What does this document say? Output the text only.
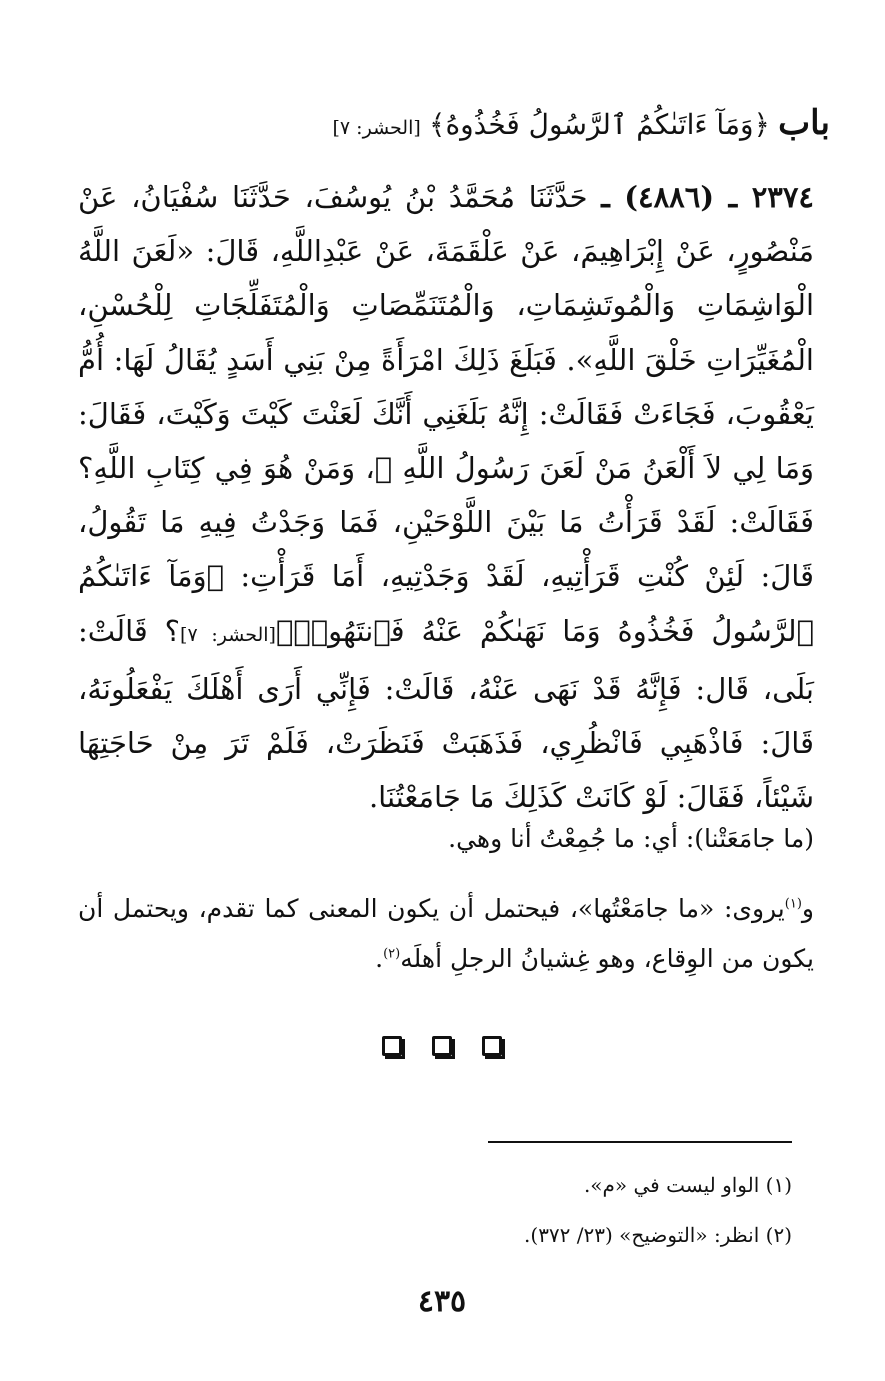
باب ﴿وَمَآ ءَاتَىٰكُمُ ٱلرَّسُولُ فَخُذُوهُ﴾ [الحشر: ٧]
٢٣٧٤ ـ (٤٨٨٦) ـ حَدَّثَنَا مُحَمَّدُ بْنُ يُوسُفَ، حَدَّثَنَا سُفْيَانُ، عَنْ مَنْصُورٍ، عَنْ إِبْرَاهِيمَ، عَنْ عَلْقَمَةَ، عَنْ عَبْدِاللَّهِ، قَالَ: «لَعَنَ اللَّهُ الْوَاشِمَاتِ وَالْمُوتَشِمَاتِ، وَالْمُتَنَمِّصَاتِ وَالْمُتَفَلِّجَاتِ لِلْحُسْنِ، الْمُغَيِّرَاتِ خَلْقَ اللَّهِ». فَبَلَغَ ذَلِكَ امْرَأَةً مِنْ بَنِي أَسَدٍ يُقَالُ لَهَا: أُمُّ يَعْقُوبَ، فَجَاءَتْ فَقَالَتْ: إِنَّهُ بَلَغَنِي أَنَّكَ لَعَنْتَ كَيْتَ وَكَيْتَ، فَقَالَ: وَمَا لِي لاَ أَلْعَنُ مَنْ لَعَنَ رَسُولُ اللَّهِ ﷺ، وَمَنْ هُوَ فِي كِتَابِ اللَّهِ؟ فَقَالَتْ: لَقَدْ قَرَأْتُ مَا بَيْنَ اللَّوْحَيْنِ، فَمَا وَجَدْتُ فِيهِ مَا تَقُولُ، قَالَ: لَئِنْ كُنْتِ قَرَأْتِيهِ، لَقَدْ وَجَدْتِيهِ، أَمَا قَرَأْتِ: ﴿وَمَآ ءَاتَىٰكُمُ ٱلرَّسُولُ فَخُذُوهُ وَمَا نَهَىٰكُمْ عَنْهُ فَٱنتَهُوا۟﴾[الحشر: ٧]؟ قَالَتْ: بَلَى، قَال: فَإِنَّهُ قَدْ نَهَى عَنْهُ، قَالَتْ: فَإِنِّي أَرَى أَهْلَكَ يَفْعَلُونَهُ، قَالَ: فَاذْهَبِي فَانْظُرِي، فَذَهَبَتْ فَنَظَرَتْ، فَلَمْ تَرَ مِنْ حَاجَتِهَا شَيْئاً، فَقَالَ: لَوْ كَانَتْ كَذَلِكَ مَا جَامَعْتُنَا.

(ما جامَعَتْنا): أي: ما جُمِعْتُ أنا وهي.

و$^{(١)}$يروى: «ما جامَعْتُها»، فيحتمل أن يكون المعنى كما تقدم، ويحتمل أن يكون من الوِقاع، وهو غِشيانُ الرجلِ أهلَه$^{(٢)}$.

(١) الواو ليست في «م».
(٢) انظر: «التوضيح» (٢٣/ ٣٧٢).
٤٣٥
